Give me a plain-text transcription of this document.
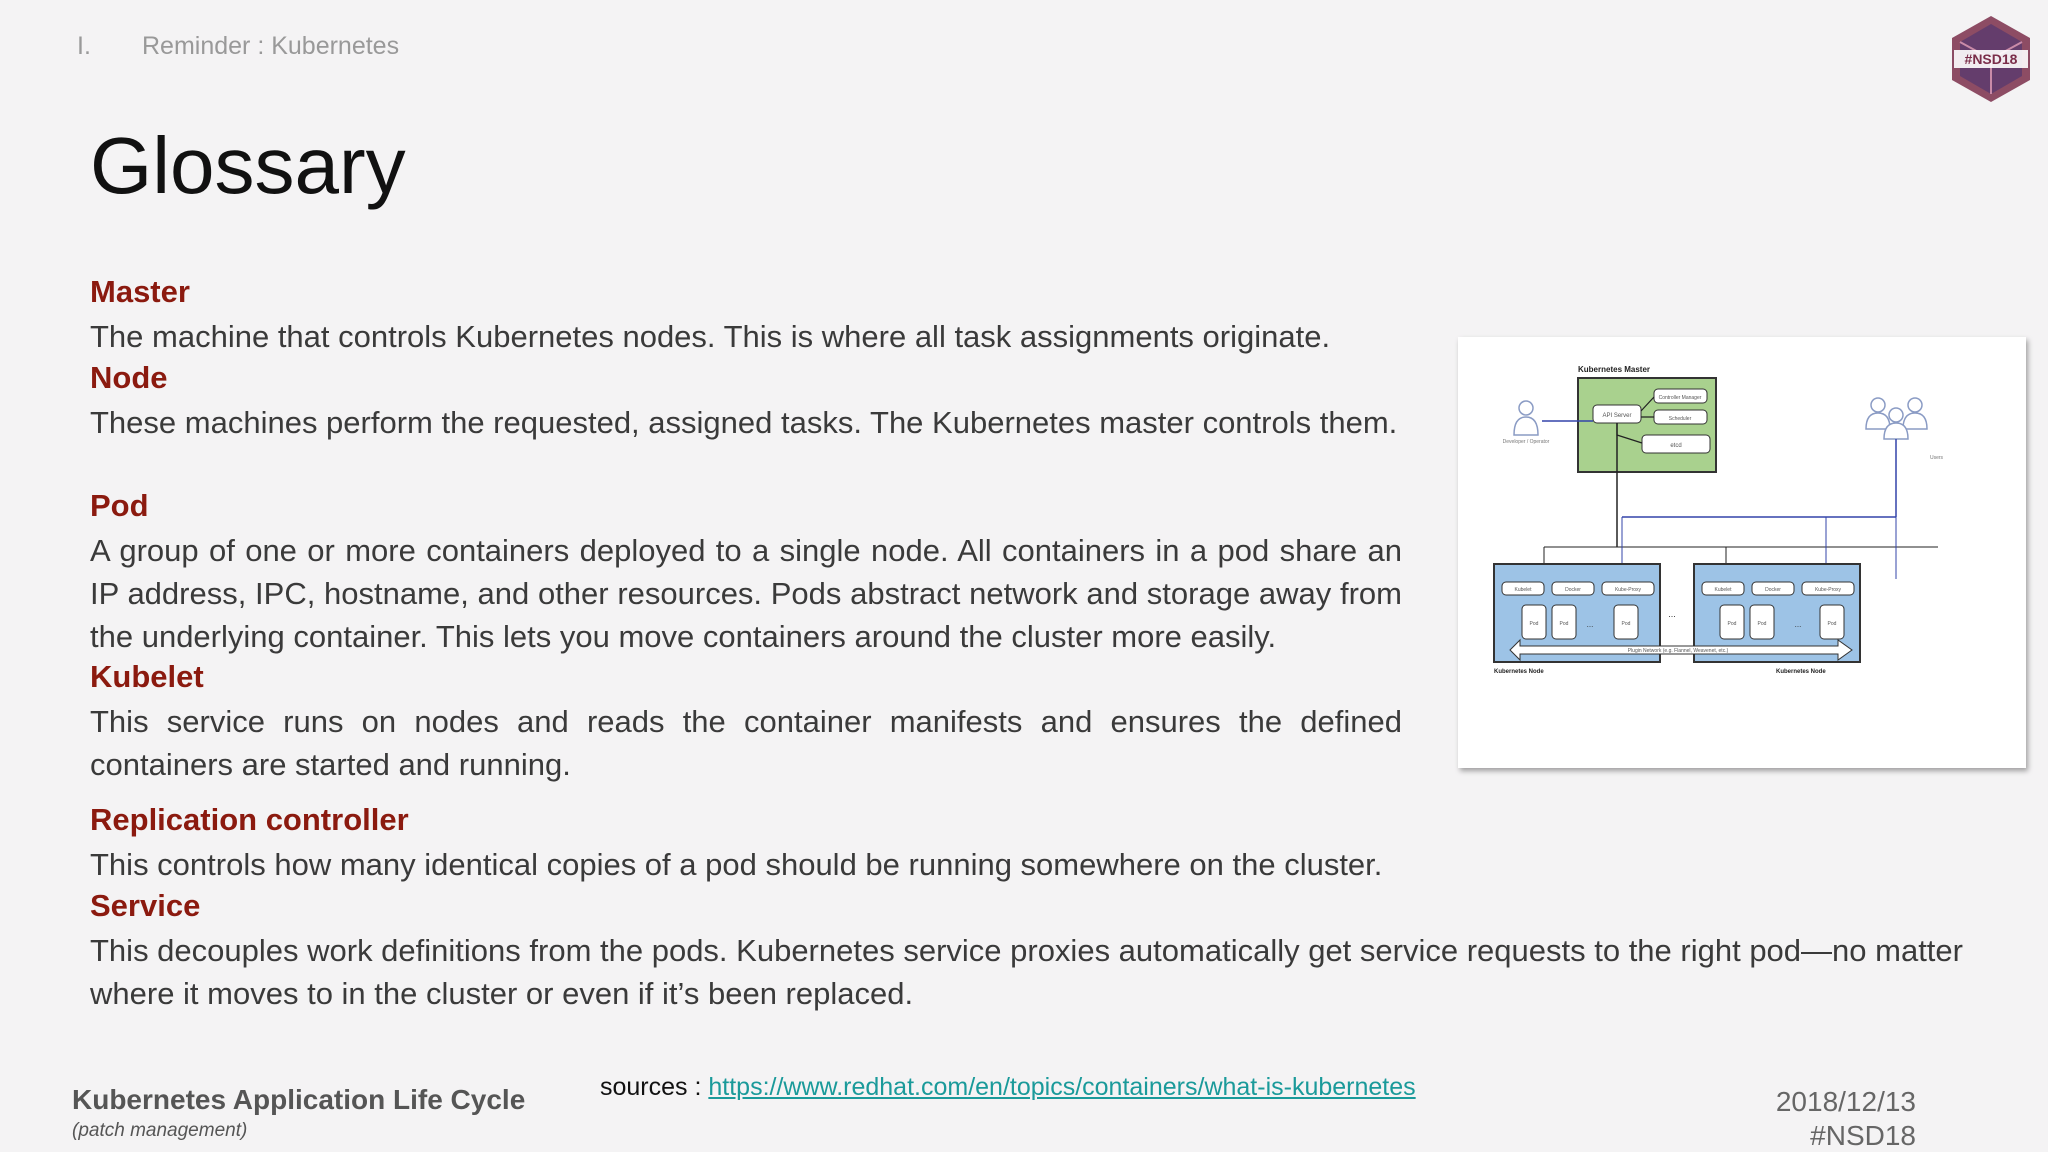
I. Reminder : Kubernetes	#NSD18
Glossary
Master
The machine that controls Kubernetes nodes. This is where all task assignments originate.
Node
These machines perform the requested, assigned tasks. The Kubernetes master controls them.
Pod
A group of one or more containers deployed to a single node. All containers in a pod share an IP address, IPC, hostname, and other resources. Pods abstract network and storage away from the underlying container. This lets you move containers around the cluster more easily.
Kubelet
This service runs on nodes and reads the container manifests and ensures the defined containers are started and running.
Replication controller
This controls how many identical copies of a pod should be running somewhere on the cluster.
Service
This decouples work definitions from the pods. Kubernetes service proxies automatically get service requests to the right pod—no matter where it moves to in the cluster or even if it’s been replaced.
Kubernetes Master
API Server
Controller Manager
Scheduler
etcd
Developer / Operator
Users
Kubelet	Docker	Kube-Proxy
Pod	Pod ...	Pod
Kubernetes Node
...
Kubelet	Docker	Kube-Proxy
Pod	Pod	...	Pod
Kubernetes Node
Plugin Network (e.g. Flannel, Weavenet, etc.)
Kubernetes Application Life Cycle
(patch management)
sources : https://www.redhat.com/en/topics/containers/what-is-kubernetes	2018/12/13
#NSD18
